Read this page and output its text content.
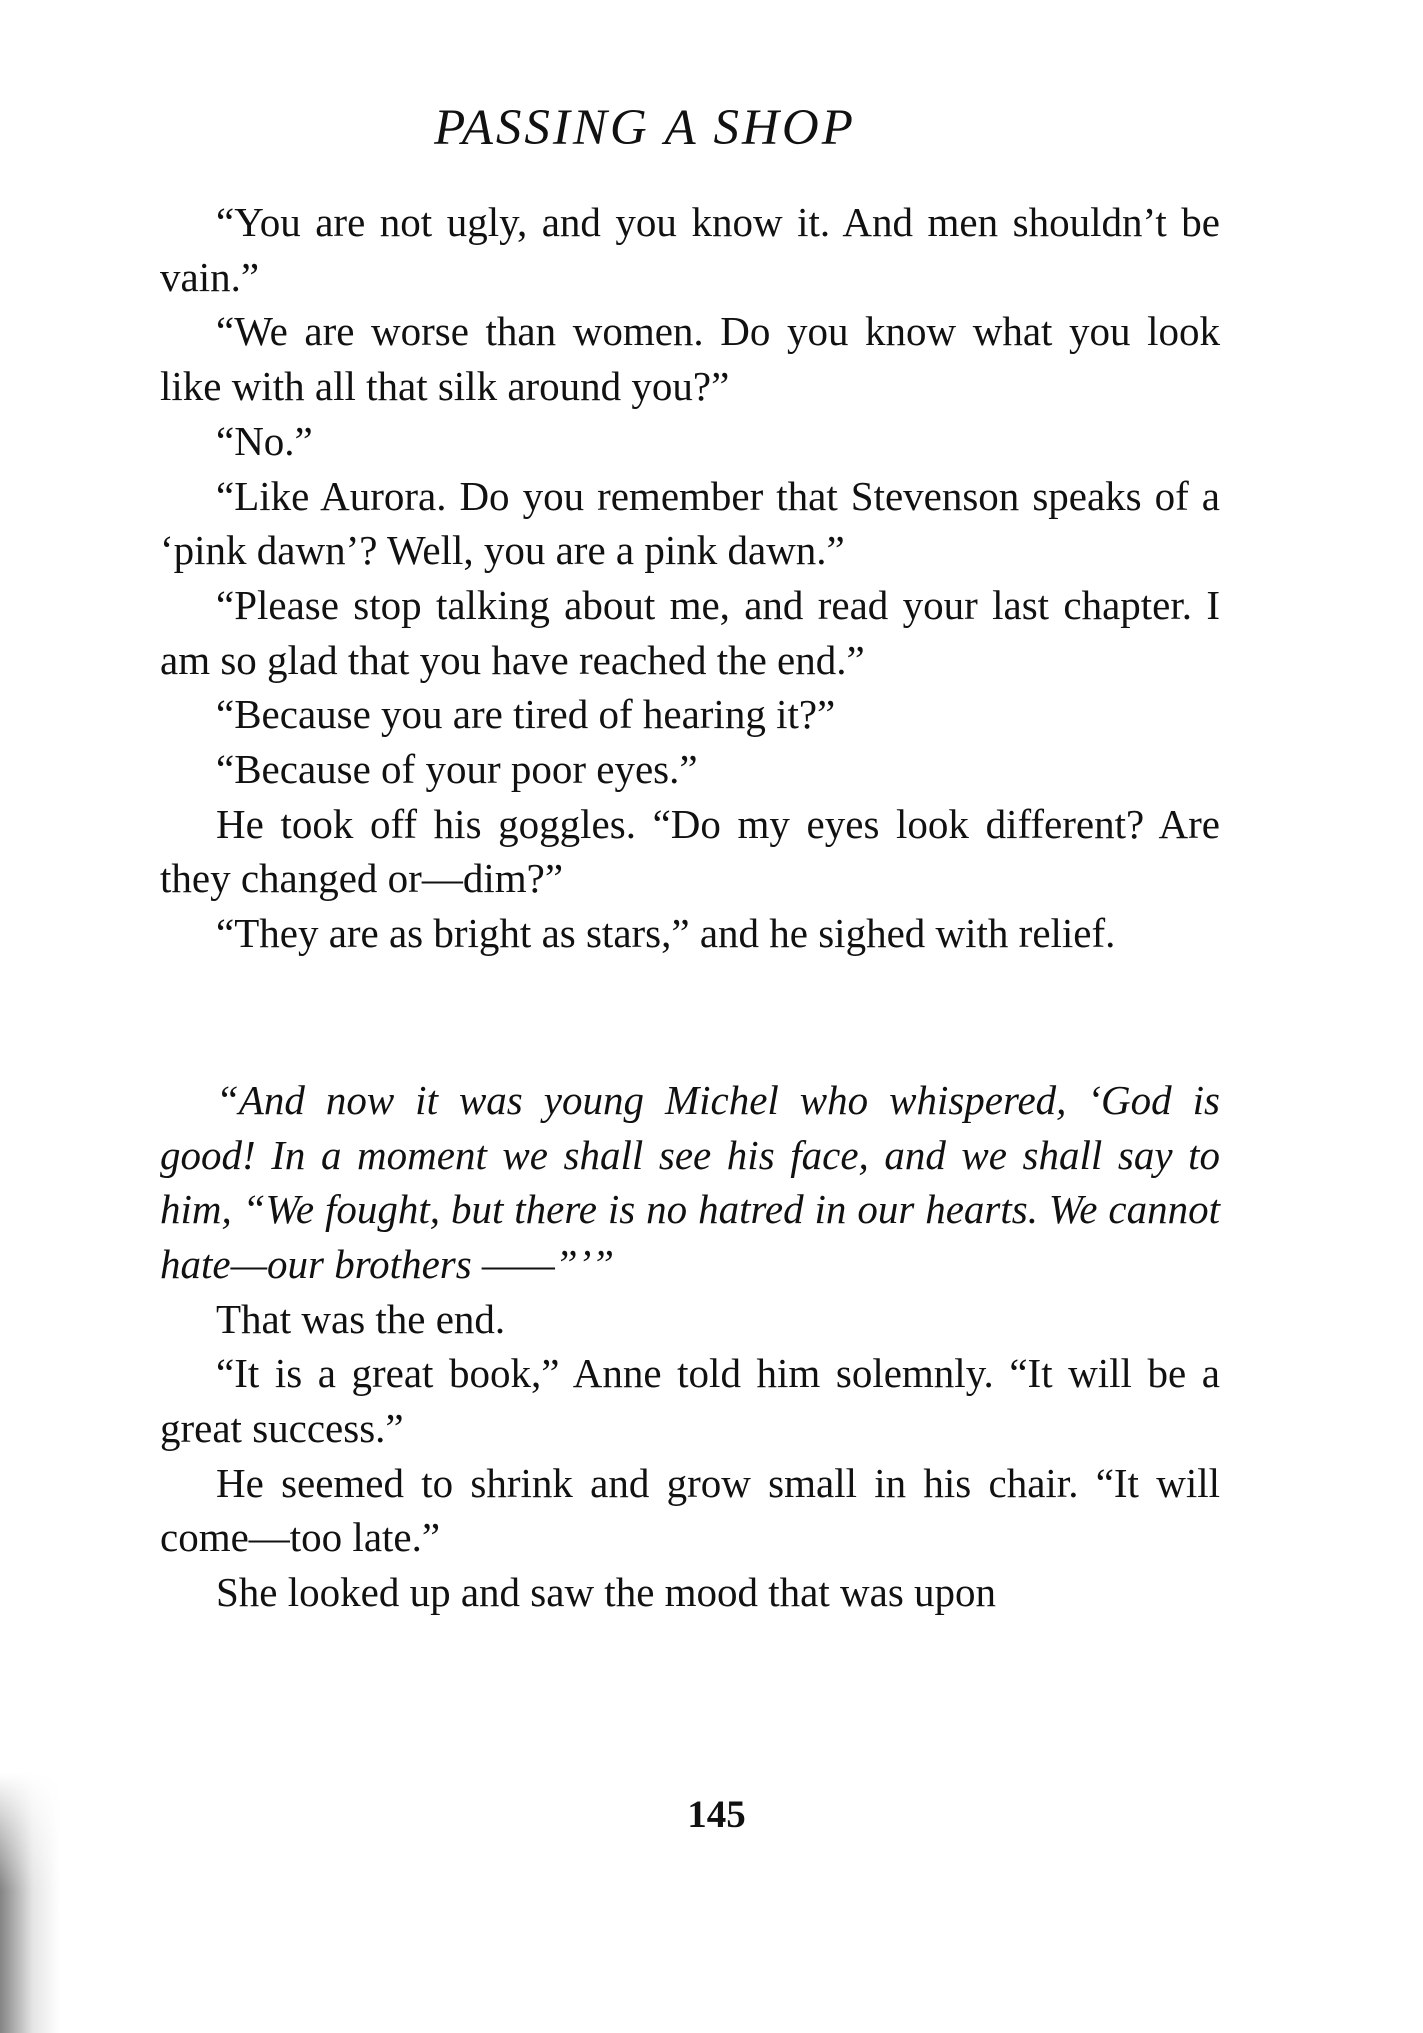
PASSING A SHOP

“You are not ugly, and you know it. And men shouldn’t be vain.”

“We are worse than women. Do you know what you look like with all that silk around you?”

“No.”

“Like Aurora. Do you remember that Stevenson speaks of a ‘pink dawn’? Well, you are a pink dawn.”

“Please stop talking about me, and read your last chapter. I am so glad that you have reached the end.”

“Because you are tired of hearing it?”

“Because of your poor eyes.”

He took off his goggles. “Do my eyes look different? Are they changed or—dim?”

“They are as bright as stars,” and he sighed with relief.

“And now it was young Michel who whispered, ‘God is good! In a moment we shall see his face, and we shall say to him, “We fought, but there is no hatred in our hearts. We cannot hate—our brothers ——”’”

That was the end.

“It is a great book,” Anne told him solemnly. “It will be a great success.”

He seemed to shrink and grow small in his chair. “It will come—too late.”

She looked up and saw the mood that was upon

145
